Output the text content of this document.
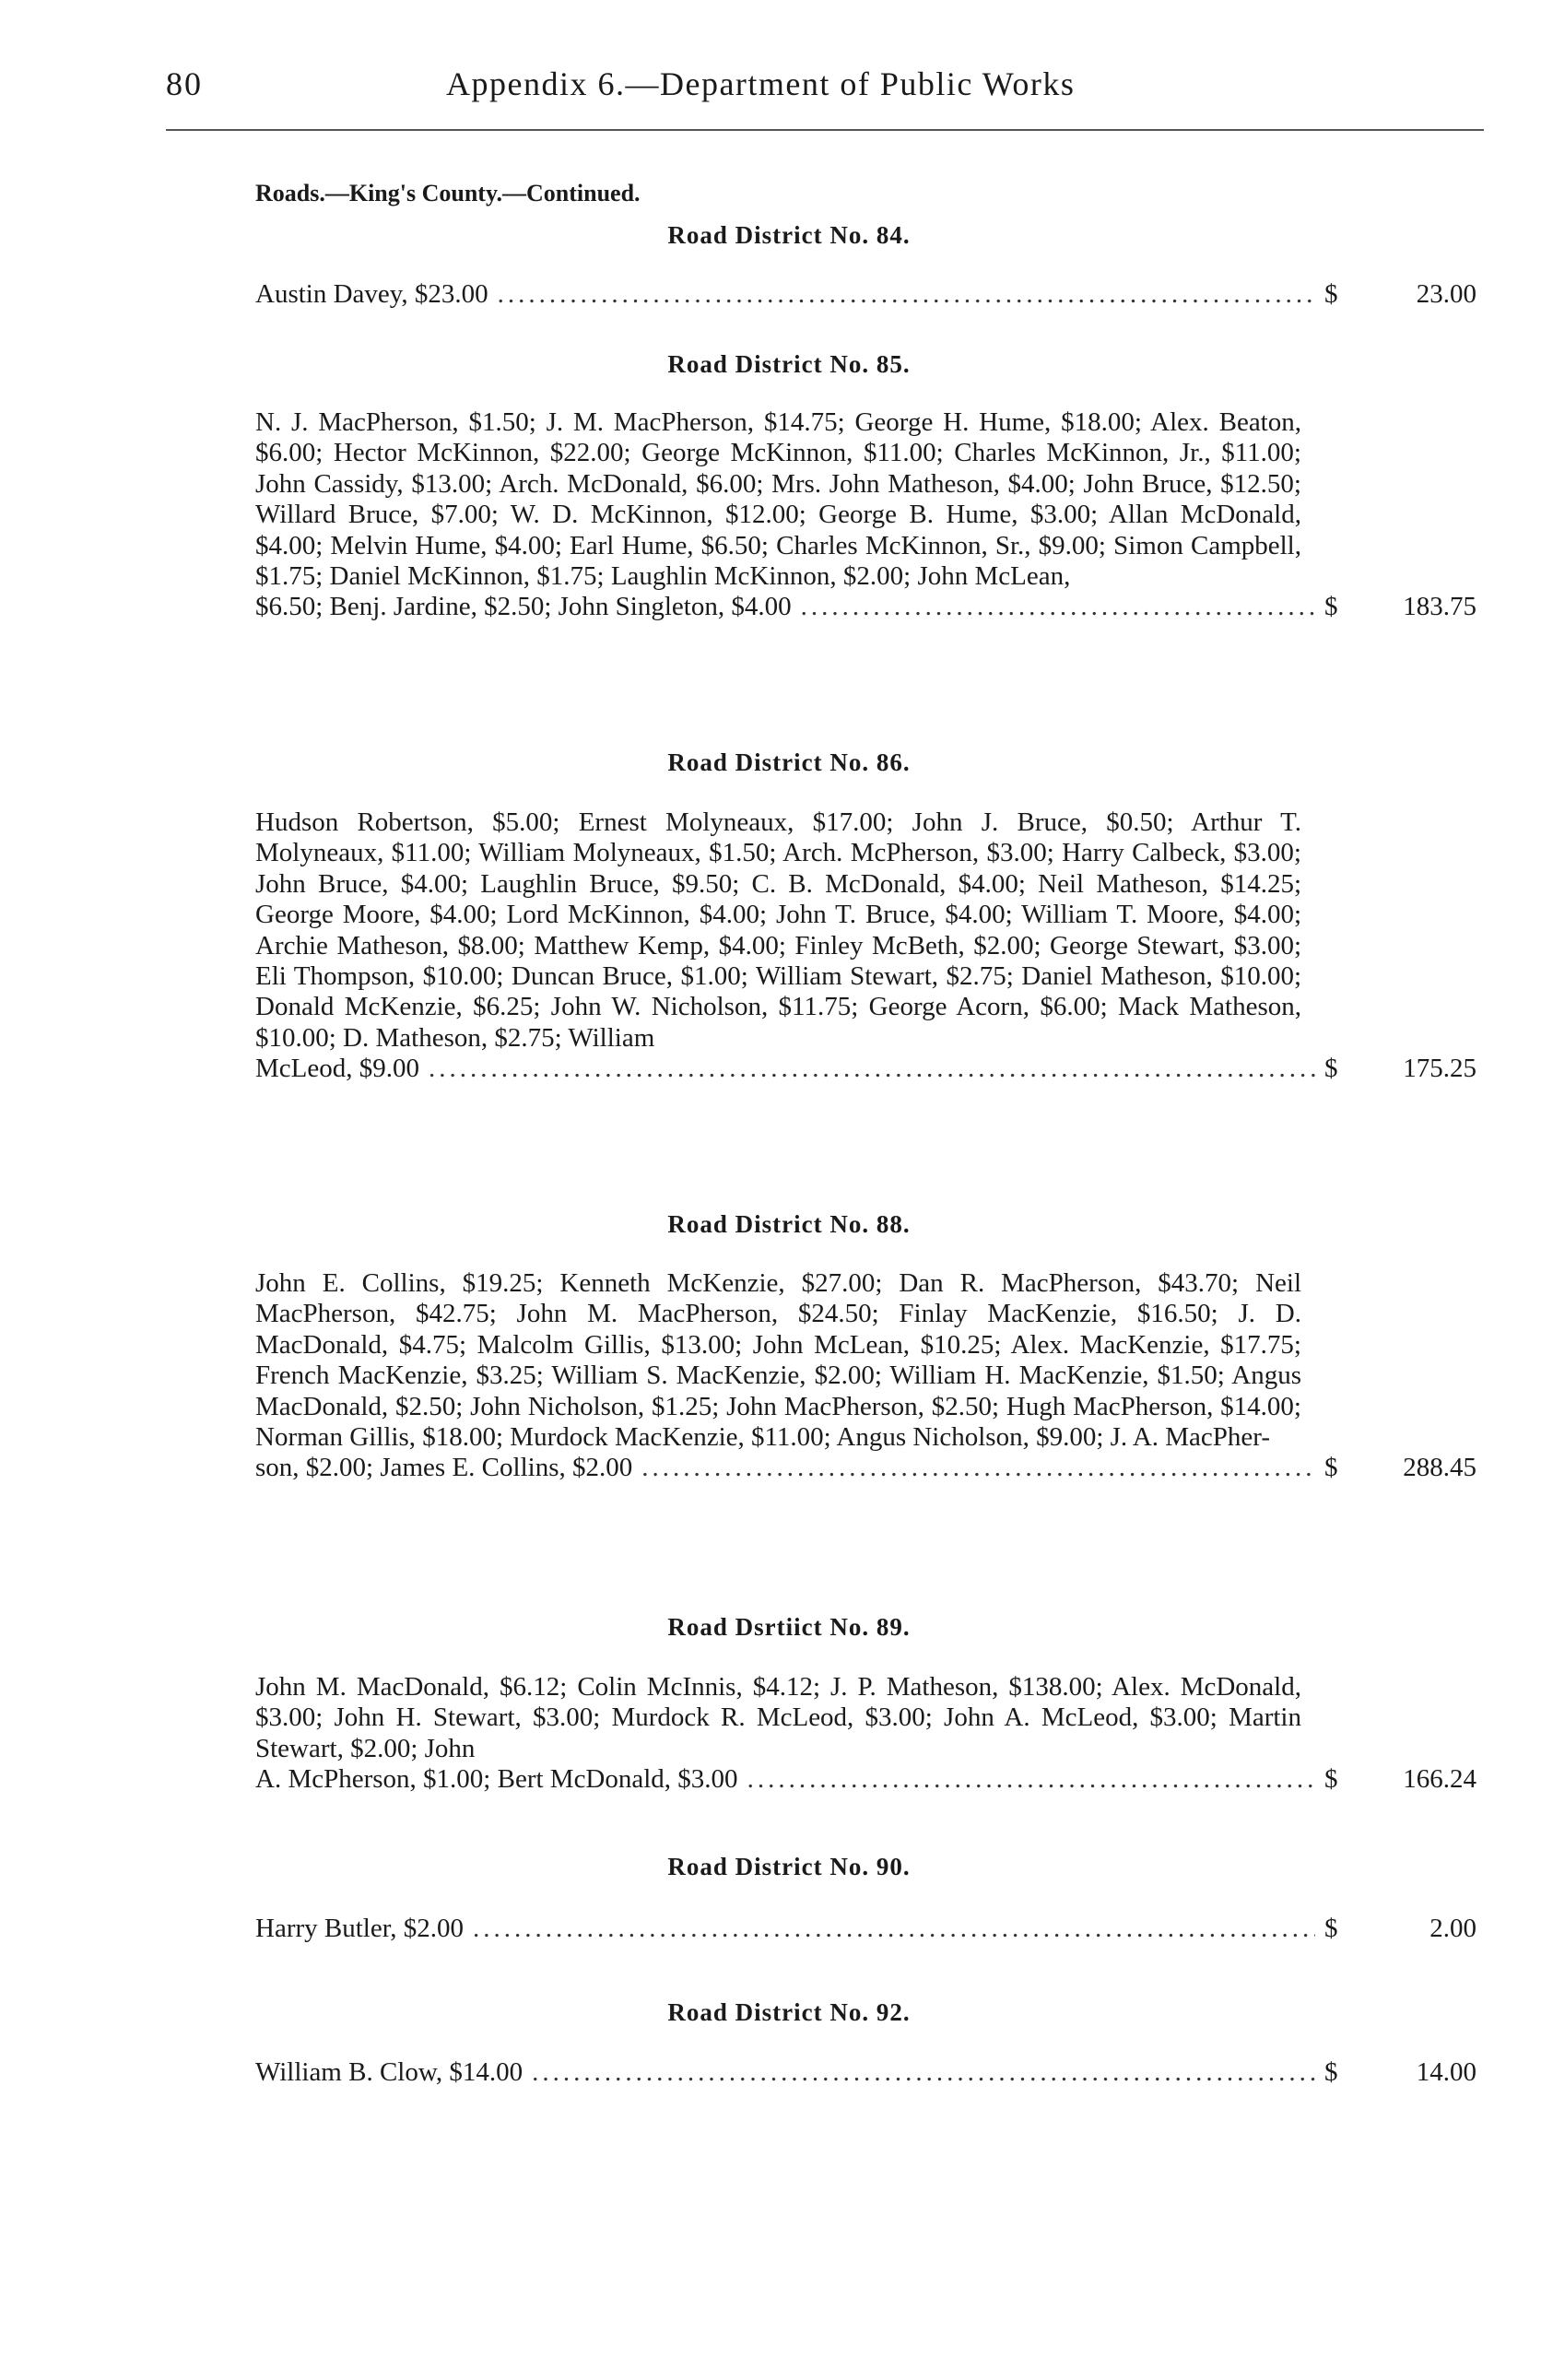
80	Appendix 6.—Department of Public Works
Roads.—King's County.—Continued.
Road District No. 84.
Austin Davey, $23.00 .....	$	23.00
Road District No. 85.
N. J. MacPherson, $1.50; J. M. MacPherson, $14.75; George H. Hume, $18.00; Alex. Beaton, $6.00; Hector McKinnon, $22.00; George McKinnon, $11.00; Charles McKinnon, Jr., $11.00; John Cassidy, $13.00; Arch. McDonald, $6.00; Mrs. John Matheson, $4.00; John Bruce, $12.50; Willard Bruce, $7.00; W. D. McKinnon, $12.00; George B. Hume, $3.00; Allan McDonald, $4.00; Melvin Hume, $4.00; Earl Hume, $6.50; Charles McKinnon, Sr., $9.00; Simon Campbell, $1.75; Daniel McKinnon, $1.75; Laughlin McKinnon, $2.00; John McLean,
$6.50; Benj. Jardine, $2.50; John Singleton, $4.00 .....	$	183.75
Road District No. 86.
Hudson Robertson, $5.00; Ernest Molyneaux, $17.00; John J. Bruce, $0.50; Arthur T. Molyneaux, $11.00; William Molyneaux, $1.50; Arch. McPherson, $3.00; Harry Calbeck, $3.00; John Bruce, $4.00; Laughlin Bruce, $9.50; C. B. McDonald, $4.00; Neil Matheson, $14.25; George Moore, $4.00; Lord McKinnon, $4.00; John T. Bruce, $4.00; William T. Moore, $4.00; Archie Matheson, $8.00; Matthew Kemp, $4.00; Finley McBeth, $2.00; George Stewart, $3.00; Eli Thompson, $10.00; Duncan Bruce, $1.00; William Stewart, $2.75; Daniel Matheson, $10.00; Donald McKenzie, $6.25; John W. Nicholson, $11.75; George Acorn, $6.00; Mack Matheson, $10.00; D. Matheson, $2.75; William
McLeod, $9.00 .....	$	175.25
Road District No. 88.
John E. Collins, $19.25; Kenneth McKenzie, $27.00; Dan R. MacPherson, $43.70; Neil MacPherson, $42.75; John M. MacPherson, $24.50; Finlay MacKenzie, $16.50; J. D. MacDonald, $4.75; Malcolm Gillis, $13.00; John McLean, $10.25; Alex. MacKenzie, $17.75; French MacKenzie, $3.25; William S. MacKenzie, $2.00; William H. MacKenzie, $1.50; Angus MacDonald, $2.50; John Nicholson, $1.25; John MacPherson, $2.50; Hugh MacPherson, $14.00; Norman Gillis, $18.00; Murdock MacKenzie, $11.00; Angus Nicholson, $9.00; J. A. MacPher-
son, $2.00; James E. Collins, $2.00 .....	$	288.45
Road Dsrtiict No. 89.
John M. MacDonald, $6.12; Colin McInnis, $4.12; J. P. Matheson, $138.00; Alex. McDonald, $3.00; John H. Stewart, $3.00; Murdock R. McLeod, $3.00; John A. McLeod, $3.00; Martin Stewart, $2.00; John
A. McPherson, $1.00; Bert McDonald, $3.00 .....	$	166.24
Road District No. 90.
Harry Butler, $2.00 .....	$	2.00
Road District No. 92.
William B. Clow, $14.00 .....	$	14.00
